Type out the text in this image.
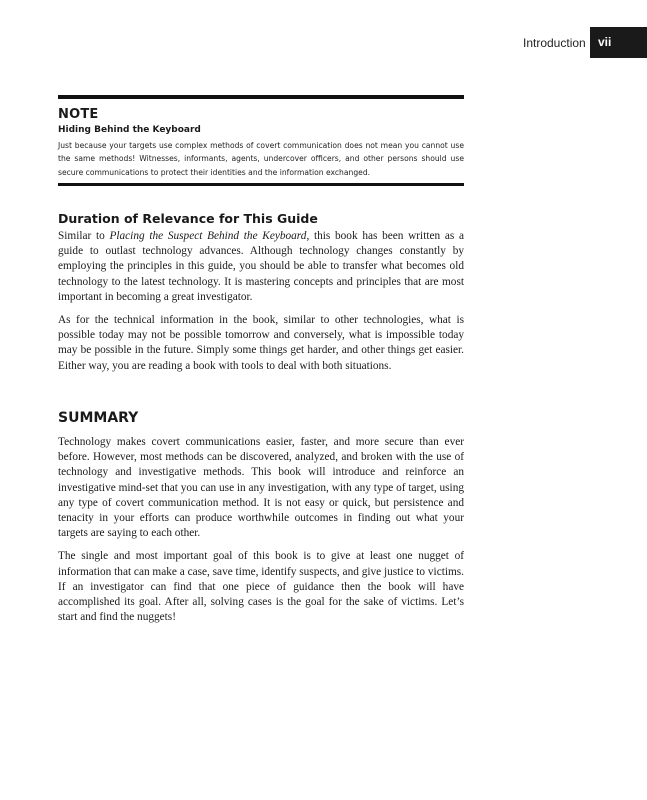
Introduction vii

NOTE

Hiding Behind the Keyboard

Just because your targets use complex methods of covert communication does not mean you cannot use the same methods! Witnesses, informants, agents, undercover officers, and other persons should use secure communications to protect their identities and the information exchanged.

Duration of Relevance for This Guide

Similar to Placing the Suspect Behind the Keyboard, this book has been written as a guide to outlast technology advances. Although technology changes constantly by employing the principles in this guide, you should be able to transfer what becomes old technology to the latest technology. It is mastering concepts and principles that are most important in becoming a great investigator.

As for the technical information in the book, similar to other technologies, what is possible today may not be possible tomorrow and conversely, what is impossible today may be possible in the future. Simply some things get harder, and other things get easier. Either way, you are reading a book with tools to deal with both situations.

SUMMARY

Technology makes covert communications easier, faster, and more secure than ever before. However, most methods can be discovered, analyzed, and broken with the use of technology and investigative methods. This book will introduce and reinforce an investigative mind-set that you can use in any investigation, with any type of target, using any type of covert communication method. It is not easy or quick, but persistence and tenacity in your efforts can produce worthwhile outcomes in finding out what your targets are saying to each other.

The single and most important goal of this book is to give at least one nugget of information that can make a case, save time, identify suspects, and give justice to victims. If an investigator can find that one piece of guidance then the book will have accomplished its goal. After all, solving cases is the goal for the sake of victims. Let’s start and find the nuggets!
